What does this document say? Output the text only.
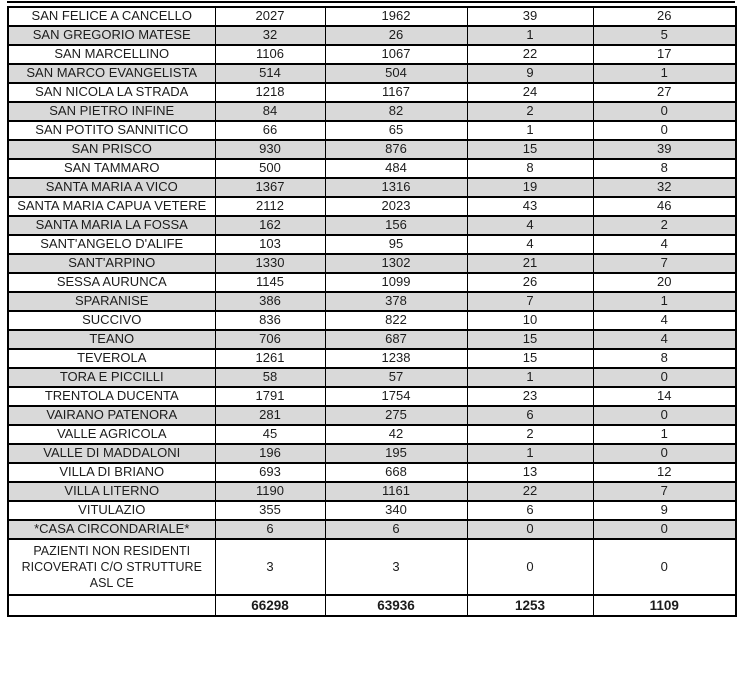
SAN FELICE A CANCELLO	2027	1962	39	26
SAN GREGORIO MATESE	32	26	1	5
SAN MARCELLINO	1106	1067	22	17
SAN MARCO EVANGELISTA	514	504	9	1
SAN NICOLA LA STRADA	1218	1167	24	27
SAN PIETRO INFINE	84	82	2	0
SAN POTITO SANNITICO	66	65	1	0
SAN PRISCO	930	876	15	39
SAN TAMMARO	500	484	8	8
SANTA MARIA A VICO	1367	1316	19	32
SANTA MARIA CAPUA VETERE	2112	2023	43	46
SANTA MARIA LA FOSSA	162	156	4	2
SANT'ANGELO D'ALIFE	103	95	4	4
SANT'ARPINO	1330	1302	21	7
SESSA AURUNCA	1145	1099	26	20
SPARANISE	386	378	7	1
SUCCIVO	836	822	10	4
TEANO	706	687	15	4
TEVEROLA	1261	1238	15	8
TORA E PICCILLI	58	57	1	0
TRENTOLA DUCENTA	1791	1754	23	14
VAIRANO PATENORA	281	275	6	0
VALLE AGRICOLA	45	42	2	1
VALLE DI MADDALONI	196	195	1	0
VILLA DI BRIANO	693	668	13	12
VILLA LITERNO	1190	1161	22	7
VITULAZIO	355	340	6	9
*CASA CIRCONDARIALE*	6	6	0	0
PAZIENTI NON RESIDENTI RICOVERATI C/O STRUTTURE ASL CE	3	3	0	0
	66298	63936	1253	1109
